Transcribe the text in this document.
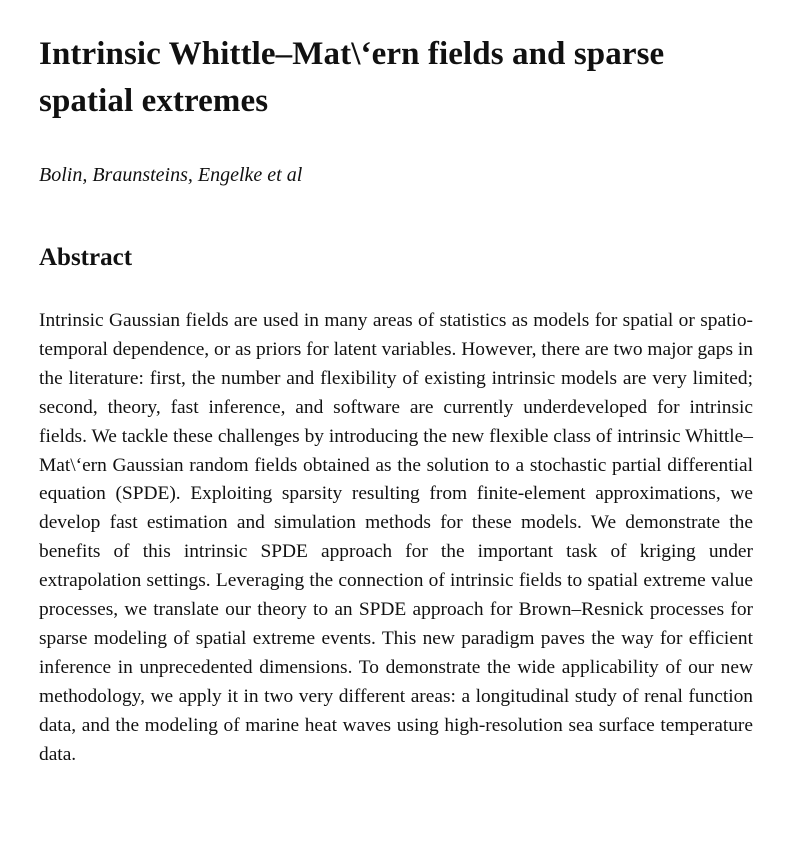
Intrinsic Whittle–Mat\‘ern fields and sparse spatial extremes

Bolin, Braunsteins, Engelke et al

Abstract

Intrinsic Gaussian fields are used in many areas of statistics as models for spatial or spatio-temporal dependence, or as priors for latent variables. However, there are two major gaps in the literature: first, the number and flexibility of existing intrinsic models are very limited; second, theory, fast inference, and software are currently underdeveloped for intrinsic fields. We tackle these challenges by introducing the new flexible class of intrinsic Whittle–Mat\‘ern Gaussian random fields obtained as the solution to a stochastic partial differential equation (SPDE). Exploiting sparsity resulting from finite-element approximations, we develop fast estimation and simulation methods for these models. We demonstrate the benefits of this intrinsic SPDE approach for the important task of kriging under extrapolation settings. Leveraging the connection of intrinsic fields to spatial extreme value processes, we translate our theory to an SPDE approach for Brown–Resnick processes for sparse modeling of spatial extreme events. This new paradigm paves the way for efficient inference in unprecedented dimensions. To demonstrate the wide applicability of our new methodology, we apply it in two very different areas: a longitudinal study of renal function data, and the modeling of marine heat waves using high-resolution sea surface temperature data.
